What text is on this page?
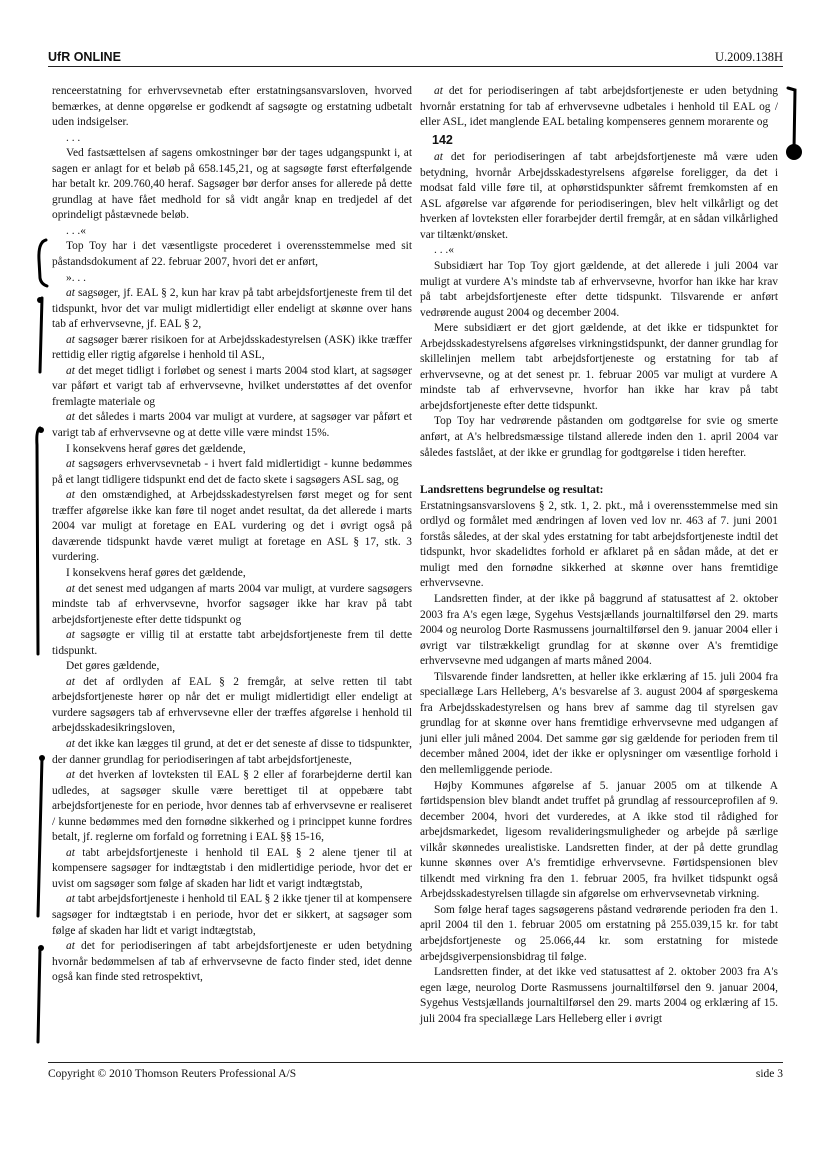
UfR ONLINE	U.2009.138H

renceerstatning for erhvervsevnetab efter erstatningsansvarsloven, hvorved bemærkes, at denne opgørelse er godkendt af sagsøgte og erstatning udbetalt uden indsigelser.

. . .

Ved fastsættelsen af sagens omkostninger bør der tages udgangspunkt i, at sagen er anlagt for et beløb på 658.145,21, og at sagsøgte først efterfølgende har betalt kr. 209.760,40 heraf. Sagsøger bør derfor anses for allerede på dette grundlag at have fået medhold for så vidt angår knap en tredjedel af det oprindeligt påstævnede beløb.

. . .«

Top Toy har i det væsentligste procederet i overensstemmelse med sit påstandsdokument af 22. februar 2007, hvori det er anført,

». . .

at sagsøger, jf. EAL § 2, kun har krav på tabt arbejdsfortjeneste frem til det tidspunkt, hvor det var muligt midlertidigt eller endeligt at skønne over hans tab af erhvervsevne, jf. EAL § 2,

at sagsøger bærer risikoen for at Arbejdsskadestyrelsen (ASK) ikke træffer rettidig eller rigtig afgørelse i henhold til ASL,

at det meget tidligt i forløbet og senest i marts 2004 stod klart, at sagsøger var påført et varigt tab af erhvervsevne, hvilket understøttes af det ovenfor fremlagte materiale og

at det således i marts 2004 var muligt at vurdere, at sagsøger var påført et varigt tab af erhvervsevne og at dette ville være mindst 15%.

I konsekvens heraf gøres det gældende,

at sagsøgers erhvervsevnetab - i hvert fald midlertidigt - kunne bedømmes på et langt tidligere tidspunkt end det de facto skete i sagsøgers ASL sag, og

at den omstændighed, at Arbejdsskadestyrelsen først meget og for sent træffer afgørelse ikke kan føre til noget andet resultat, da det allerede i marts 2004 var muligt at foretage en EAL vurdering og det i øvrigt også på daværende tidspunkt havde været muligt at foretage en ASL § 17, stk. 3 vurdering.

I konsekvens heraf gøres det gældende,

at det senest med udgangen af marts 2004 var muligt, at vurdere sagsøgers mindste tab af erhvervsevne, hvorfor sagsøger ikke har krav på tabt arbejdsfortjeneste efter dette tidspunkt og

at sagsøgte er villig til at erstatte tabt arbejdsfortjeneste frem til dette tidspunkt.

Det gøres gældende,

at det af ordlyden af EAL § 2 fremgår, at selve retten til tabt arbejdsfortjeneste hører op når det er muligt midlertidigt eller endeligt at vurdere sagsøgers tab af erhvervsevne eller der træffes afgørelse i henhold til arbejdsskadesikringsloven,

at det ikke kan lægges til grund, at det er det seneste af disse to tidspunkter, der danner grundlag for periodiseringen af tabt arbejdsfortjeneste,

at det hverken af lovteksten til EAL § 2 eller af forarbejderne dertil kan udledes, at sagsøger skulle være berettiget til at oppebære tabt arbejdsfortjeneste for en periode, hvor dennes tab af erhvervsevne er realiseret / kunne bedømmes med den fornødne sikkerhed og i princippet kunne fordres betalt, jf. reglerne om forfald og forretning i EAL §§ 15-16,

at tabt arbejdsfortjeneste i henhold til EAL § 2 alene tjener til at kompensere sagsøger for indtægtstab i den midlertidige periode, hvor det er uvist om sagsøger som følge af skaden har lidt et varigt indtægtstab,

at tabt arbejdsfortjeneste i henhold til EAL § 2 ikke tjener til at kompensere sagsøger for indtægtstab i en periode, hvor det er sikkert, at sagsøger som følge af skaden har lidt et varigt indtægtstab,

at det for periodiseringen af tabt arbejdsfortjeneste er uden betydning hvornår bedømmelsen af tab af erhvervsevne de facto finder sted, idet denne også kan finde sted retrospektivt,

at det for periodiseringen af tabt arbejdsfortjeneste er uden betydning hvornår erstatning for tab af erhvervsevne udbetales i henhold til EAL og / eller ASL, idet manglende EAL betaling kompenseres gennem morarente og

142

at det for periodiseringen af tabt arbejdsfortjeneste må være uden betydning, hvornår Arbejdsskadestyrelsens afgørelse foreligger, da det i modsat fald ville føre til, at ophørstidspunkter såfremt fremkomsten af en ASL afgørelse var afgørende for periodiseringen, blev helt vilkårligt og det hverken af lovteksten eller forarbejder dertil fremgår, at en sådan vilkårlighed var tiltænkt/ønsket.

. . .«

Subsidiært har Top Toy gjort gældende, at det allerede i juli 2004 var muligt at vurdere A's mindste tab af erhvervsevne, hvorfor han ikke har krav på tabt arbejdsfortjeneste efter dette tidspunkt. Tilsvarende er anført vedrørende august 2004 og december 2004.

Mere subsidiært er det gjort gældende, at det ikke er tidspunktet for Arbejdsskadestyrelsens afgørelses virkningstidspunkt, der danner grundlag for skillelinjen mellem tabt arbejdsfortjeneste og erstatning for tab af erhvervsevne, og at det senest pr. 1. februar 2005 var muligt at vurdere A mindste tab af erhvervsevne, hvorfor han ikke har krav på tabt arbejdsfortjeneste efter dette tidspunkt.

Top Toy har vedrørende påstanden om godtgørelse for svie og smerte anført, at A's helbredsmæssige tilstand allerede inden den 1. april 2004 var således fastslået, at der ikke er grundlag for godtgørelse i tiden herefter.

Landsrettens begrundelse og resultat:

Erstatningsansvarslovens § 2, stk. 1, 2. pkt., må i overensstemmelse med sin ordlyd og formålet med ændringen af loven ved lov nr. 463 af 7. juni 2001 forstås således, at der skal ydes erstatning for tabt arbejdsfortjeneste indtil det tidspunkt, hvor skadelidtes forhold er afklaret på en sådan måde, at det er muligt med den fornødne sikkerhed at skønne over hans fremtidige erhvervsevne.

Landsretten finder, at der ikke på baggrund af statusattest af 2. oktober 2003 fra A's egen læge, Sygehus Vestsjællands journaltilførsel den 29. marts 2004 og neurolog Dorte Rasmussens journaltilførsel den 9. januar 2004 eller i øvrigt var tilstrækkeligt grundlag for at skønne over A's fremtidige erhvervsevne med udgangen af marts måned 2004.

Tilsvarende finder landsretten, at heller ikke erklæring af 15. juli 2004 fra speciallæge Lars Helleberg, A's besvarelse af 3. august 2004 af spørgeskema fra Arbejdsskadestyrelsen og hans brev af samme dag til styrelsen gav grundlag for at skønne over hans fremtidige erhvervsevne med udgangen af juni eller juli måned 2004. Det samme gør sig gældende for perioden frem til december måned 2004, idet der ikke er oplysninger om væsentlige forhold i den mellemliggende periode.

Højby Kommunes afgørelse af 5. januar 2005 om at tilkende A førtidspension blev blandt andet truffet på grundlag af ressourceprofilen af 9. december 2004, hvori det vurderedes, at A ikke stod til rådighed for arbejdsmarkedet, ligesom revalideringsmuligheder og arbejde på særlige vilkår skønnedes urealistiske. Landsretten finder, at der på dette grundlag kunne skønnes over A's fremtidige erhvervsevne. Førtidspensionen blev tilkendt med virkning fra den 1. februar 2005, fra hvilket tidspunkt også Arbejdsskadestyrelsen tillagde sin afgørelse om erhvervsevnetab virkning.

Som følge heraf tages sagsøgerens påstand vedrørende perioden fra den 1. april 2004 til den 1. februar 2005 om erstatning på 255.039,15 kr. for tabt arbejdsfortjeneste og 25.066,44 kr. som erstatning for mistede arbejdsgiverpensionsbidrag til følge.

Landsretten finder, at det ikke ved statusattest af 2. oktober 2003 fra A's egen læge, neurolog Dorte Rasmussens journaltilførsel den 9. januar 2004, Sygehus Vestsjællands journaltilførsel den 29. marts 2004 og erklæring af 15. juli 2004 fra speciallæge Lars Helleberg eller i øvrigt

Copyright © 2010 Thomson Reuters Professional A/S	side 3
